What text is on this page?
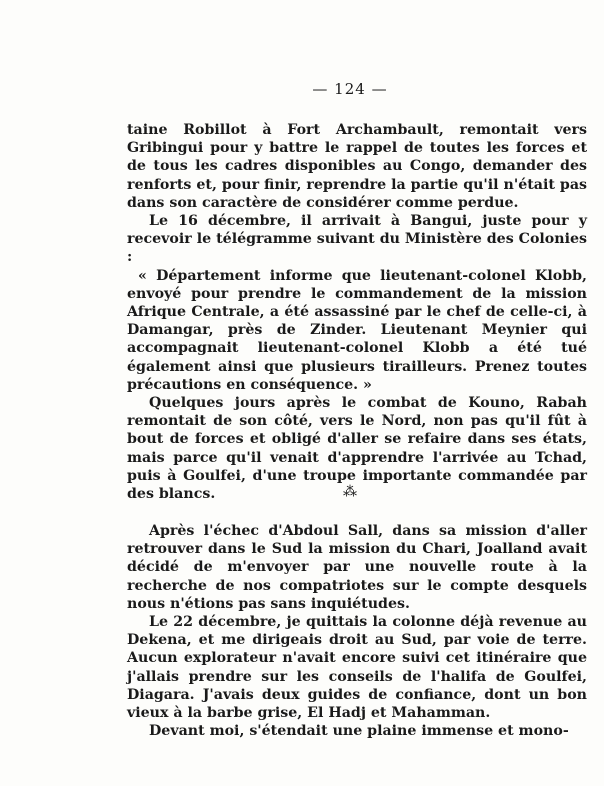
— 124 —

taine Robillot à Fort Archambault, remontait vers Gribingui pour y battre le rappel de toutes les forces et de tous les cadres disponibles au Congo, demander des renforts et, pour finir, reprendre la partie qu'il n'était pas dans son caractère de considérer comme perdue.

Le 16 décembre, il arrivait à Bangui, juste pour y recevoir le télégramme suivant du Ministère des Colonies :

« Département informe que lieutenant-colonel Klobb, envoyé pour prendre le commandement de la mission Afrique Centrale, a été assassiné par le chef de celle-ci, à Damangar, près de Zinder. Lieutenant Meynier qui accompagnait lieutenant-colonel Klobb a été tué également ainsi que plusieurs tirailleurs. Prenez toutes précautions en conséquence. »

Quelques jours après le combat de Kouno, Rabah remontait de son côté, vers le Nord, non pas qu'il fût à bout de forces et obligé d'aller se refaire dans ses états, mais parce qu'il venait d'apprendre l'arrivée au Tchad, puis à Goulfei, d'une troupe importante commandée par des blancs.	⁂

Après l'échec d'Abdoul Sall, dans sa mission d'aller retrouver dans le Sud la mission du Chari, Joalland avait décidé de m'envoyer par une nouvelle route à la recherche de nos compatriotes sur le compte desquels nous n'étions pas sans inquiétudes.

Le 22 décembre, je quittais la colonne déjà revenue au Dekena, et me dirigeais droit au Sud, par voie de terre. Aucun explorateur n'avait encore suivi cet itinéraire que j'allais prendre sur les conseils de l'halifa de Goulfei, Diagara. J'avais deux guides de confiance, dont un bon vieux à la barbe grise, El Hadj et Mahamman.

Devant moi, s'étendait une plaine immense et mono-
